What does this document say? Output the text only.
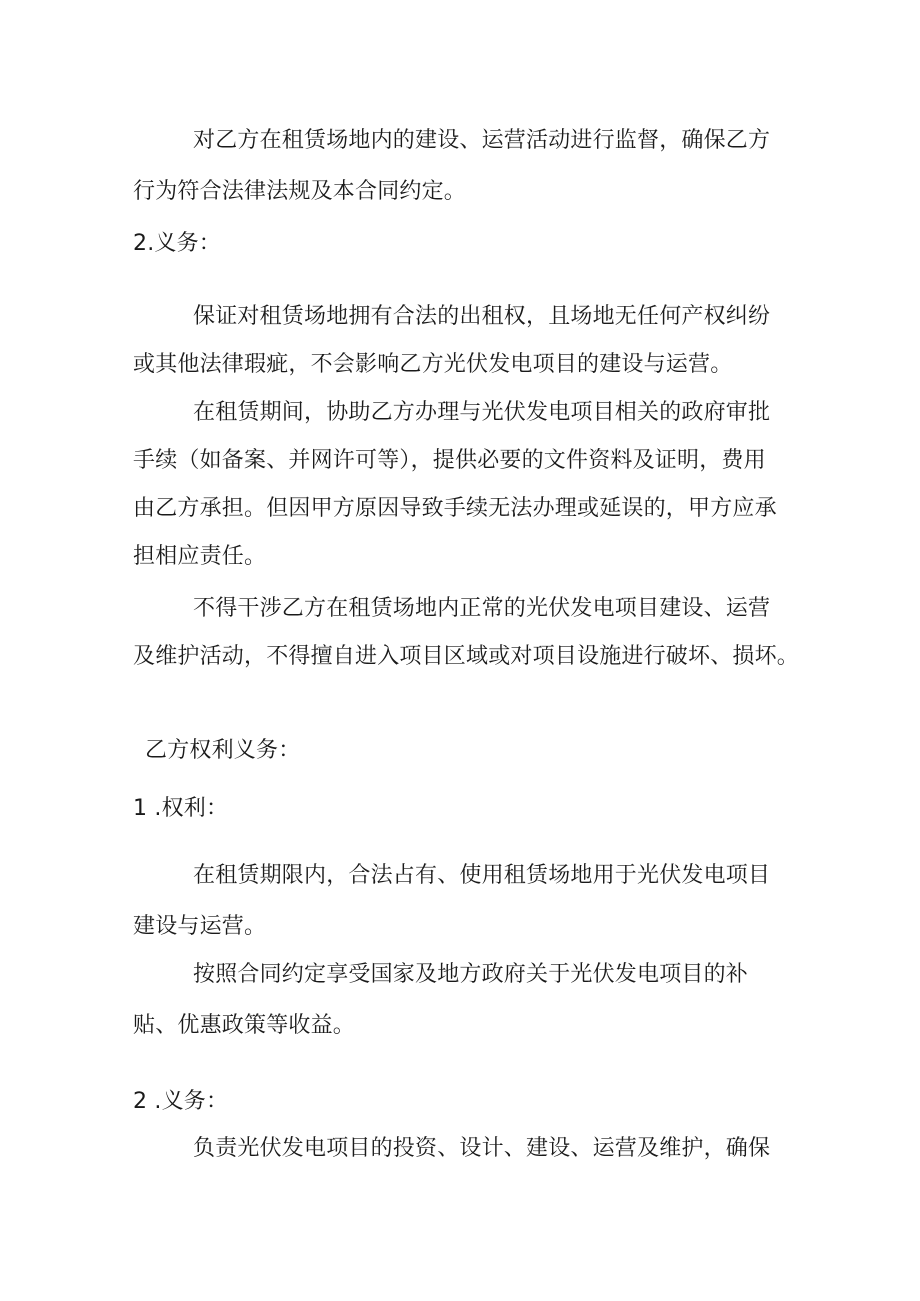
对乙方在租赁场地内的建设、运营活动进行监督，确保乙方
行为符合法律法规及本合同约定。
2.义务：
保证对租赁场地拥有合法的出租权，且场地无任何产权纠纷
或其他法律瑕疵，不会影响乙方光伏发电项目的建设与运营。
在租赁期间，协助乙方办理与光伏发电项目相关的政府审批
手续（如备案、并网许可等），提供必要的文件资料及证明，费用
由乙方承担。但因甲方原因导致手续无法办理或延误的，甲方应承
担相应责任。
不得干涉乙方在租赁场地内正常的光伏发电项目建设、运营
及维护活动，不得擅自进入项目区域或对项目设施进行破坏、损坏。
乙方权利义务：
1 .权利：
在租赁期限内，合法占有、使用租赁场地用于光伏发电项目
建设与运营。
按照合同约定享受国家及地方政府关于光伏发电项目的补
贴、优惠政策等收益。
2 .义务：
负责光伏发电项目的投资、设计、建设、运营及维护，确保
